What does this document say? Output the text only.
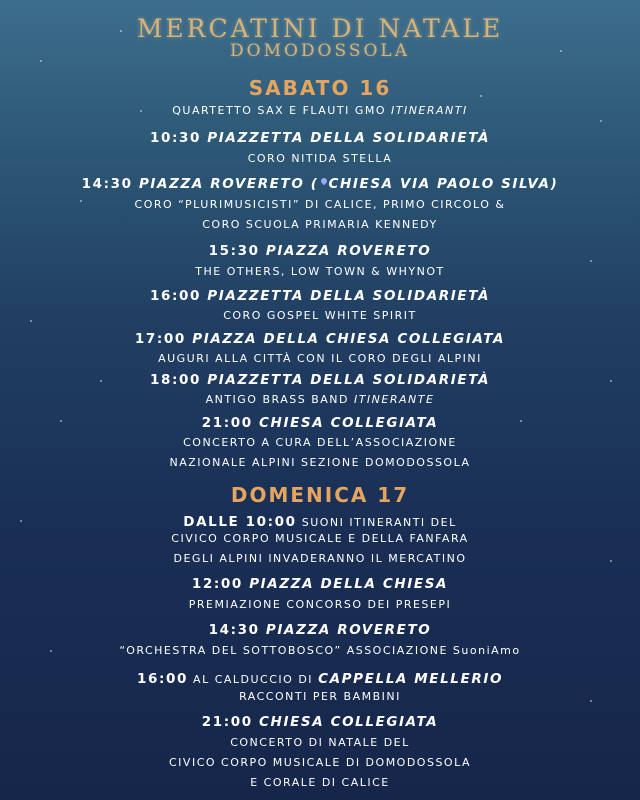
MERCATINI DI NATALE
DOMODOSSOLA
SABATO 16
QUARTETTO SAX E FLAUTI GMO ITINERANTI
10:30 PIAZZETTA DELLA SOLIDARIETÀ
CORO NITIDA STELLA
14:30 PIAZZA ROVERETO ( CHIESA VIA PAOLO SILVA)
CORO “PLURIMUSICISTI” DI CALICE, PRIMO CIRCOLO &
CORO SCUOLA PRIMARIA KENNEDY
15:30 PIAZZA ROVERETO
THE OTHERS, LOW TOWN & WHYNOT
16:00 PIAZZETTA DELLA SOLIDARIETÀ
CORO GOSPEL WHITE SPIRIT
17:00 PIAZZA DELLA CHIESA COLLEGIATA
AUGURI ALLA CITTÀ CON IL CORO DEGLI ALPINI
18:00 PIAZZETTA DELLA SOLIDARIETÀ
ANTIGO BRASS BAND ITINERANTE
21:00 CHIESA COLLEGIATA
CONCERTO A CURA DELL’ASSOCIAZIONE
NAZIONALE ALPINI SEZIONE DOMODOSSOLA
DOMENICA 17
DALLE 10:00 SUONI ITINERANTI DEL
CIVICO CORPO MUSICALE E DELLA FANFARA
DEGLI ALPINI INVADERANNO IL MERCATINO
12:00 PIAZZA DELLA CHIESA
PREMIAZIONE CONCORSO DEI PRESEPI
14:30 PIAZZA ROVERETO
“ORCHESTRA DEL SOTTOBOSCO” ASSOCIAZIONE SuoniAmo
16:00 AL CALDUCCIO DI CAPPELLA MELLERIO
RACCONTI PER BAMBINI
21:00 CHIESA COLLEGIATA
CONCERTO DI NATALE DEL
CIVICO CORPO MUSICALE DI DOMODOSSOLA
E CORALE DI CALICE
